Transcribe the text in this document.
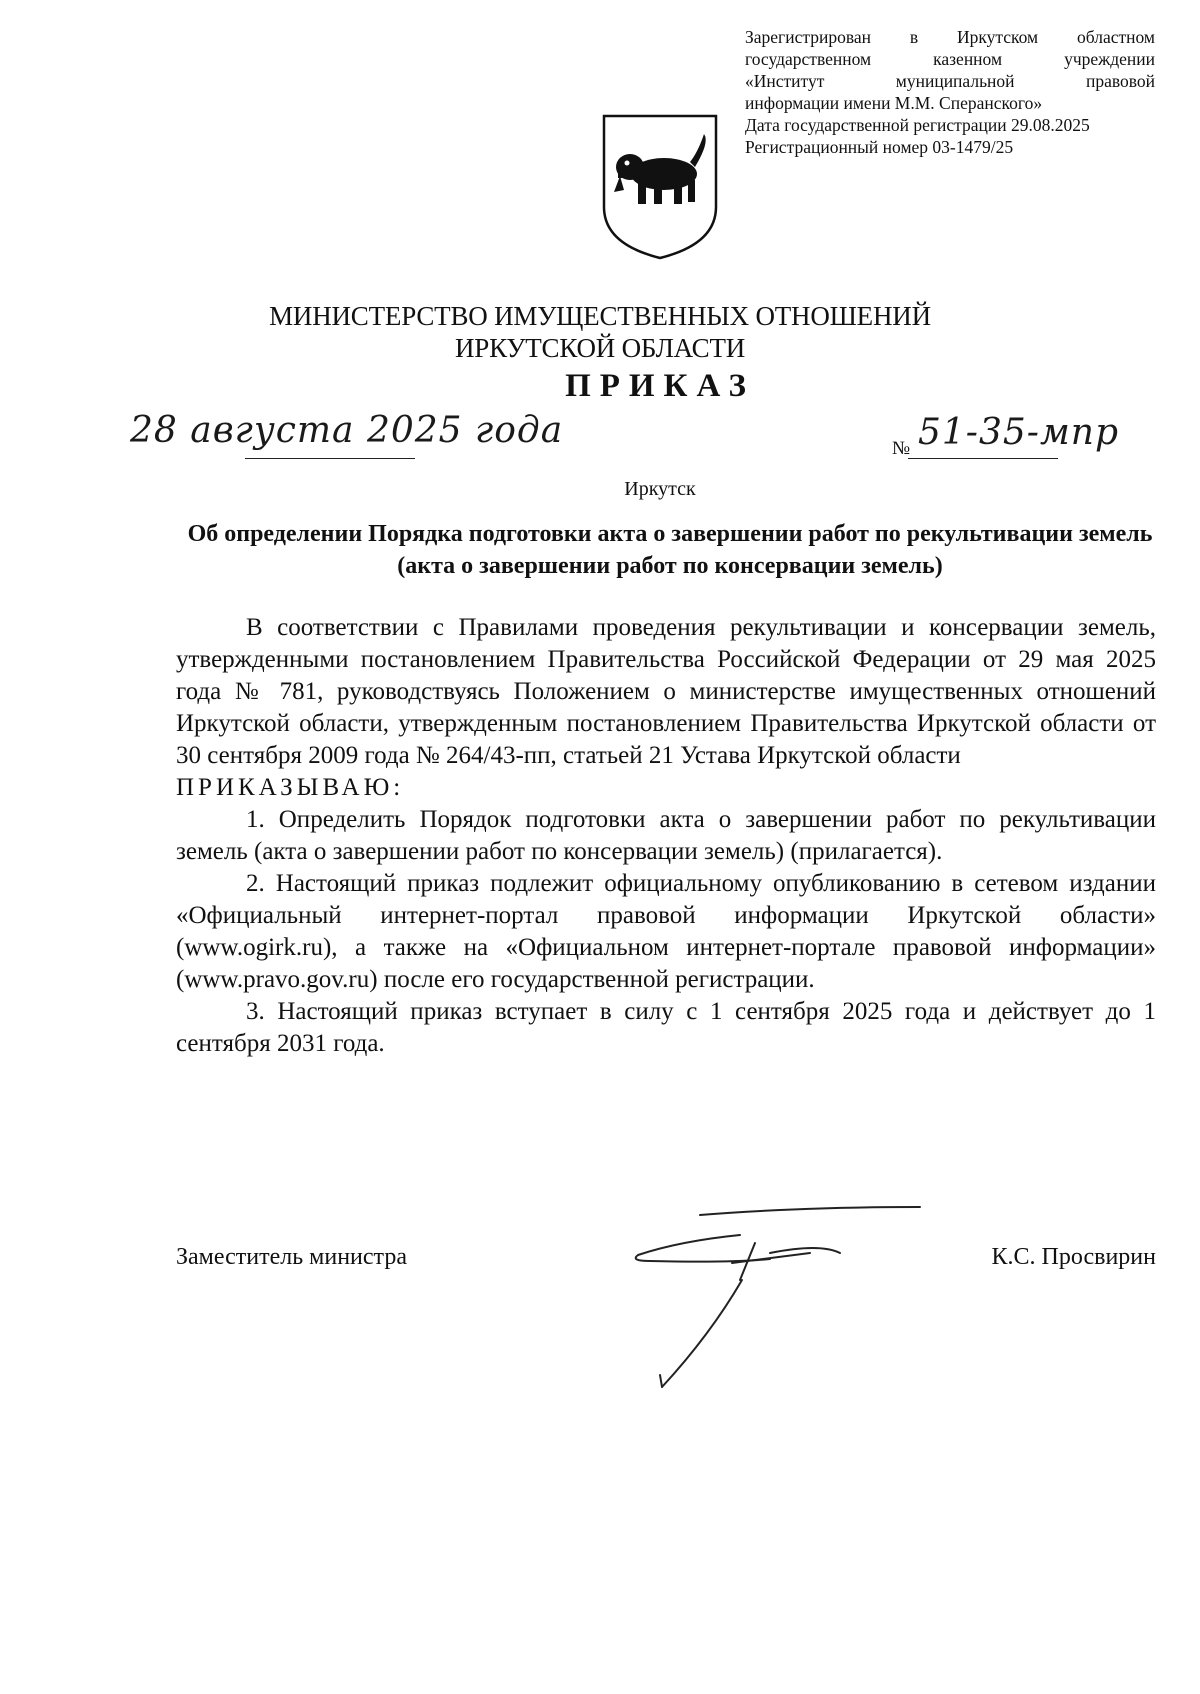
Зарегистрирован в Иркутском областном
государственном казенном учреждении
«Институт муниципальной правовой
информации имени М.М. Сперанского»
Дата государственной регистрации 29.08.2025
Регистрационный номер 03-1479/25
МИНИСТЕРСТВО ИМУЩЕСТВЕННЫХ ОТНОШЕНИЙ
ИРКУТСКОЙ ОБЛАСТИ
ПРИКАЗ
28 августа 2025 года	№ 51-35-мпр
Иркутск
Об определении Порядка подготовки акта о завершении работ по рекультивации земель (акта о завершении работ по консервации земель)

В соответствии с Правилами проведения рекультивации и консервации земель, утвержденными постановлением Правительства Российской Федерации от 29 мая 2025 года № 781, руководствуясь Положением о министерстве имущественных отношений Иркутской области, утвержденным постановлением Правительства Иркутской области от 30 сентября 2009 года № 264/43-пп, статьей 21 Устава Иркутской области

ПРИКАЗЫВАЮ:

1. Определить Порядок подготовки акта о завершении работ по рекультивации земель (акта о завершении работ по консервации земель) (прилагается).

2. Настоящий приказ подлежит официальному опубликованию в сетевом издании «Официальный интернет-портал правовой информации Иркутской области» (www.ogirk.ru), а также на «Официальном интернет-портале правовой информации» (www.pravo.gov.ru) после его государственной регистрации.

3. Настоящий приказ вступает в силу с 1 сентября 2025 года и действует до 1 сентября 2031 года.

Заместитель министра	К.С. Просвирин
